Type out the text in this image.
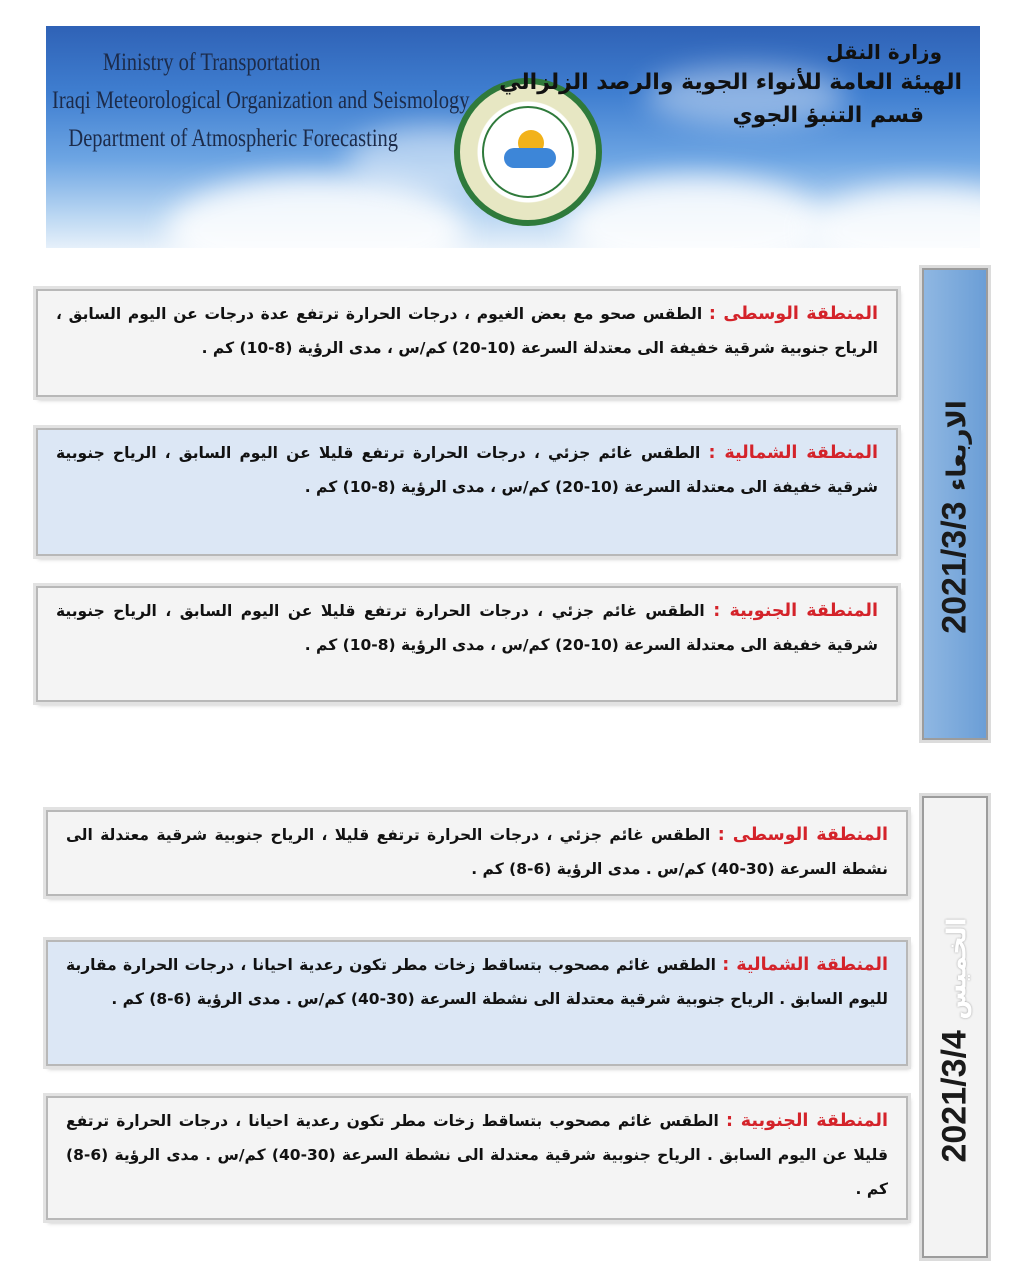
Ministry of Transportation
Iraqi Meteorological Organization and Seismology
Department of Atmospheric Forecasting
وزارة النقل
الهيئة العامة للأنواء الجوية والرصد الزلزالي
قسم التنبؤ الجوي
المنطقة الوسطى : الطقس صحو مع بعض الغيوم ، درجات الحرارة ترتفع عدة درجات عن اليوم السابق ، الرياح جنوبية شرقية خفيفة الى معتدلة السرعة (10-20) كم/س ، مدى الرؤية (8-10) كم .
المنطقة الشمالية : الطقس غائم جزئي ، درجات الحرارة ترتفع قليلا عن اليوم السابق ، الرياح جنوبية شرقية خفيفة الى معتدلة السرعة (10-20) كم/س ، مدى الرؤية (8-10) كم .
المنطقة الجنوبية : الطقس غائم جزئي ، درجات الحرارة ترتفع قليلا عن اليوم السابق ، الرياح جنوبية شرقية خفيفة الى معتدلة السرعة (10-20) كم/س ، مدى الرؤية (8-10) كم .
2021/3/3 الاربعاء
المنطقة الوسطى : الطقس غائم جزئي ، درجات الحرارة ترتفع قليلا ، الرياح جنوبية شرقية معتدلة الى نشطة السرعة (30-40) كم/س . مدى الرؤية (6-8) كم .
المنطقة الشمالية : الطقس غائم مصحوب بتساقط زخات مطر تكون رعدية احيانا ، درجات الحرارة مقاربة لليوم السابق . الرياح جنوبية شرقية معتدلة الى نشطة السرعة (30-40) كم/س . مدى الرؤية (6-8) كم .
المنطقة الجنوبية : الطقس غائم مصحوب بتساقط زخات مطر تكون رعدية احيانا ، درجات الحرارة ترتفع قليلا عن اليوم السابق . الرياح جنوبية شرقية معتدلة الى نشطة السرعة (30-40) كم/س . مدى الرؤية (6-8) كم .
2021/3/4 الخميس
